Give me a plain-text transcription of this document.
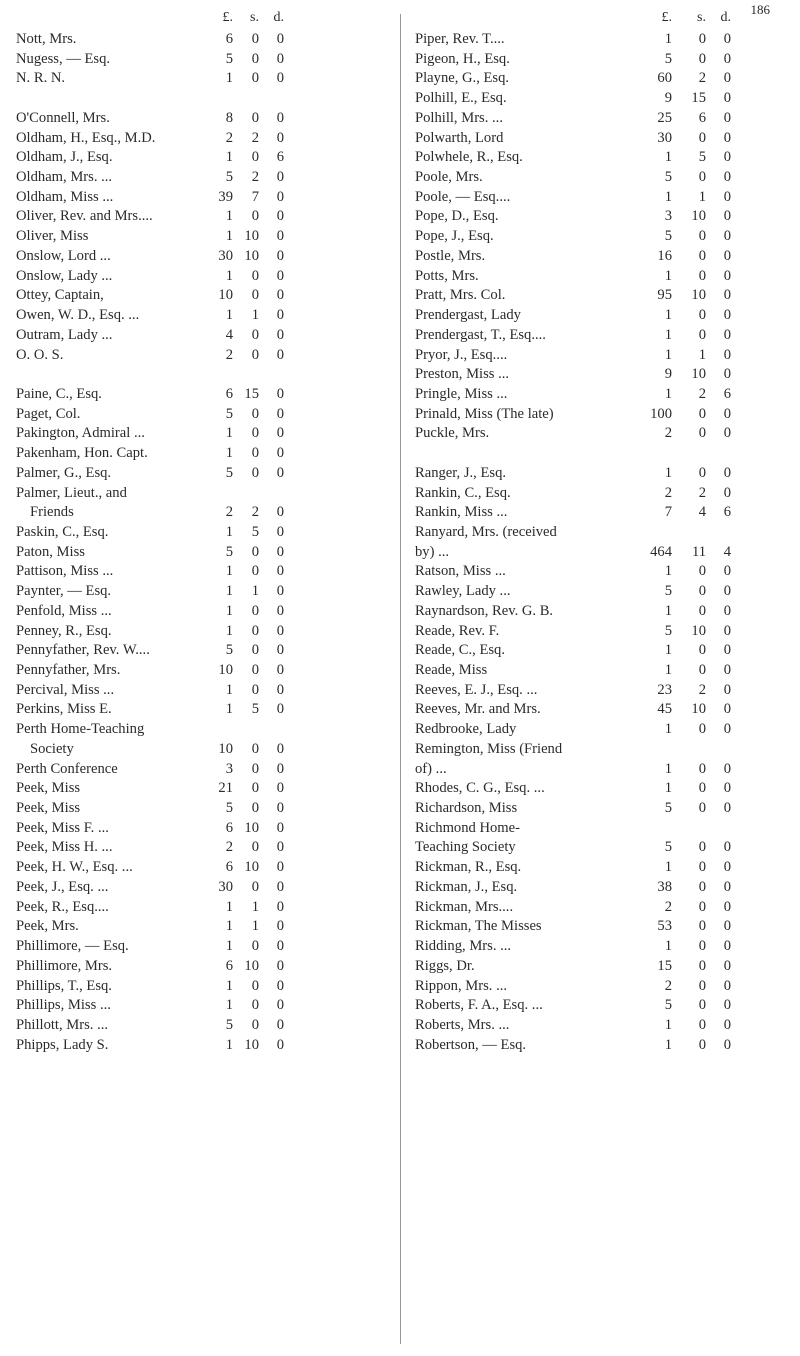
186
£.	s.	d.
Nott, Mrs.	6	0	0
Nugess, — Esq.	5	0	0
N. R. N.	1	0	0
O'Connell, Mrs.	8	0	0
Oldham, H., Esq., M.D.	2	2	0
Oldham, J., Esq.	1	0	6
Oldham, Mrs. ...	5	2	0
Oldham, Miss ...	39	7	0
Oliver, Rev. and Mrs....	1	0	0
Oliver, Miss	1 10	0
Onslow, Lord ...	30 10	0
Onslow, Lady ...	1	0	0
Ottey, Captain,	10	0	0
Owen, W. D., Esq. ...	1	1	0
Outram, Lady ...	4	0	0
O. O. S.	2	0	0
Paine, C., Esq.	6 15	0
Paget, Col.	5	0	0
Pakington, Admiral ...	1	0	0
Pakenham, Hon. Capt.	1	0	0
Palmer, G., Esq.	5	0	0
Palmer, Lieut., and
Friends	2	2	0
Paskin, C., Esq.	1	5	0
Paton, Miss	5	0	0
Pattison, Miss ...	1	0	0
Paynter, — Esq.	1	1	0
Penfold, Miss ...	1	0	0
Penney, R., Esq.	1	0	0
Pennyfather, Rev. W....	5	0	0
Pennyfather, Mrs.	10	0	0
Percival, Miss ...	1	0	0
Perkins, Miss E.	1	5	0
Perth Home-Teaching
Society	10	0	0
Perth Conference	3	0	0
Peek, Miss	21	0	0
Peek, Miss	5	0	0
Peek, Miss F. ...	6 10	0
Peek, Miss H. ...	2	0	0
Peek, H. W., Esq. ...	6 10	0
Peek, J., Esq. ...	30	0	0
Peek, R., Esq....	1	1	0
Peek, Mrs.	1	1	0
Phillimore, — Esq.	1	0	0
Phillimore, Mrs.	6 10	0
Phillips, T., Esq.	1	0	0
Phillips, Miss ...	1	0	0
Phillott, Mrs. ...	5	0	0
Phipps, Lady S.	1 10	0
£.	s.	d.
Piper, Rev. T....	1	0	0
Pigeon, H., Esq.	5	0	0
Playne, G., Esq.	60	2	0
Polhill, E., Esq.	9	15	0
Polhill, Mrs. ...	25	6	0
Polwarth, Lord	30	0	0
Polwhele, R., Esq.	1	5	0
Poole, Mrs.	5	0	0
Poole, — Esq....	1	1	0
Pope, D., Esq.	3	10	0
Pope, J., Esq.	5	0	0
Postle, Mrs.	16	0	0
Potts, Mrs.	1	0	0
Pratt, Mrs. Col.	95	10	0
Prendergast, Lady	1	0	0
Prendergast, T., Esq....	1	0	0
Pryor, J., Esq....	1	1	0
Preston, Miss ...	9	10	0
Pringle, Miss ...	1	2	6
Prinald, Miss (The late)	100	0	0
Puckle, Mrs.	2	0	0
Ranger, J., Esq.	1	0	0
Rankin, C., Esq.	2	2	0
Rankin, Miss ...	7	4	6
Ranyard, Mrs. (received
by) ...	464	11	4
Ratson, Miss ...	1	0	0
Rawley, Lady ...	5	0	0
Raynardson, Rev. G. B.	1	0	0
Reade, Rev. F.	5	10	0
Reade, C., Esq.	1	0	0
Reade, Miss	1	0	0
Reeves, E. J., Esq. ...	23	2	0
Reeves, Mr. and Mrs.	45	10	0
Redbrooke, Lady	1	0	0
Remington, Miss (Friend
of) ...	1	0	0
Rhodes, C. G., Esq. ...	1	0	0
Richardson, Miss	5	0	0
Richmond Home-
Teaching Society	5	0	0
Rickman, R., Esq.	1	0	0
Rickman, J., Esq.	38	0	0
Rickman, Mrs....	2	0	0
Rickman, The Misses	53	0	0
Ridding, Mrs. ...	1	0	0
Riggs, Dr.	15	0	0
Rippon, Mrs. ...	2	0	0
Roberts, F. A., Esq. ...	5	0	0
Roberts, Mrs. ...	1	0	0
Robertson, — Esq.	1	0	0
